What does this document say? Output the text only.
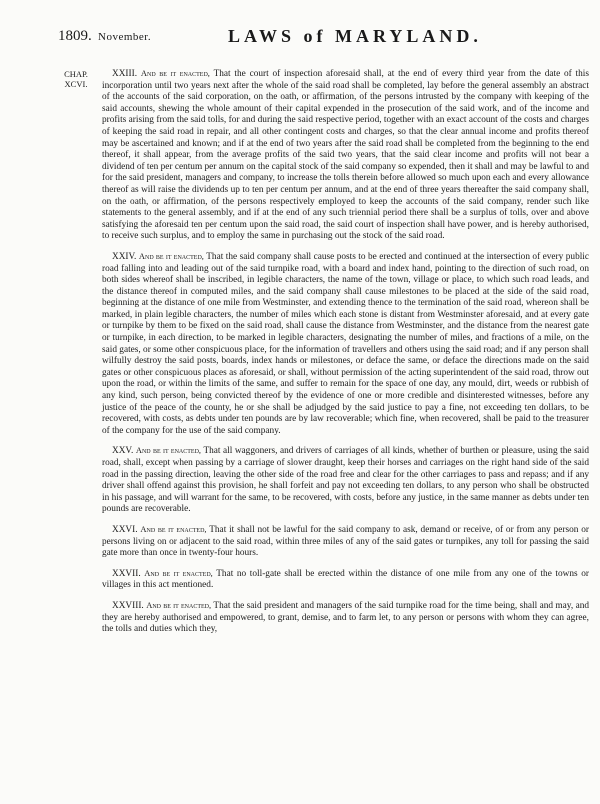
1809. November.	LAWS of MARYLAND.
CHAP.
XCVI.

XXIII. And be it enacted, That the court of inspection aforesaid shall, at the end of every third year from the date of this incorporation until two years next after the whole of the said road shall be completed, lay before the general assembly an abstract of the accounts of the said corporation, on the oath, or affirmation, of the persons intrusted by the company with keeping of the said accounts, shewing the whole amount of their capital expended in the prosecution of the said work, and of the income and profits arising from the said tolls, for and during the said respective period, together with an exact account of the costs and charges of keeping the said road in repair, and all other contingent costs and charges, so that the clear annual income and profits thereof may be ascertained and known; and if at the end of two years after the said road shall be completed from the beginning to the end thereof, it shall appear, from the average profits of the said two years, that the said clear income and profits will not bear a dividend of ten per centum per annum on the capital stock of the said company so expended, then it shall and may be lawful to and for the said president, managers and company, to increase the tolls therein before allowed so much upon each and every allowance thereof as will raise the dividends up to ten per centum per annum, and at the end of three years thereafter the said company shall, on the oath, or affirmation, of the persons respectively employed to keep the accounts of the said company, render such like statements to the general assembly, and if at the end of any such triennial period there shall be a surplus of tolls, over and above satisfying the aforesaid ten per centum upon the said road, the said court of inspection shall have power, and is hereby authorised, to receive such surplus, and to employ the same in purchasing out the stock of the said road.

XXIV. And be it enacted, That the said company shall cause posts to be erected and continued at the intersection of every public road falling into and leading out of the said turnpike road, with a board and index hand, pointing to the direction of such road, on both sides whereof shall be inscribed, in legible characters, the name of the town, village or place, to which such road leads, and the distance thereof in computed miles, and the said company shall cause milestones to be placed at the side of the said road, beginning at the distance of one mile from Westminster, and extending thence to the termination of the said road, whereon shall be marked, in plain legible characters, the number of miles which each stone is distant from Westminster aforesaid, and at every gate or turnpike by them to be fixed on the said road, shall cause the distance from Westminster, and the distance from the nearest gate or turnpike, in each direction, to be marked in legible characters, designating the number of miles, and fractions of a mile, on the said gates, or some other conspicuous place, for the information of travellers and others using the said road; and if any person shall wilfully destroy the said posts, boards, index hands or milestones, or deface the same, or deface the directions made on the said gates or other conspicuous places as aforesaid, or shall, without permission of the acting superintendent of the said road, throw out upon the road, or within the limits of the same, and suffer to remain for the space of one day, any mould, dirt, weeds or rubbish of any kind, such person, being convicted thereof by the evidence of one or more credible and disinterested witnesses, before any justice of the peace of the county, he or she shall be adjudged by the said justice to pay a fine, not exceeding ten dollars, to be recovered, with costs, as debts under ten pounds are by law recoverable; which fine, when recovered, shall be paid to the treasurer of the company for the use of the said company.

XXV. And be it enacted, That all waggoners, and drivers of carriages of all kinds, whether of burthen or pleasure, using the said road, shall, except when passing by a carriage of slower draught, keep their horses and carriages on the right hand side of the said road in the passing direction, leaving the other side of the road free and clear for the other carriages to pass and repass; and if any driver shall offend against this provision, he shall forfeit and pay not exceeding ten dollars, to any person who shall be obstructed in his passage, and will warrant for the same, to be recovered, with costs, before any justice, in the same manner as debts under ten pounds are recoverable.

XXVI. And be it enacted, That it shall not be lawful for the said company to ask, demand or receive, of or from any person or persons living on or adjacent to the said road, within three miles of any of the said gates or turnpikes, any toll for passing the said gate more than once in twenty-four hours.

XXVII. And be it enacted, That no toll-gate shall be erected within the distance of one mile from any one of the towns or villages in this act mentioned.

XXVIII. And be it enacted, That the said president and managers of the said turnpike road for the time being, shall and may, and they are hereby authorised and empowered, to grant, demise, and to farm let, to any person or persons with whom they can agree, the tolls and duties which they,
